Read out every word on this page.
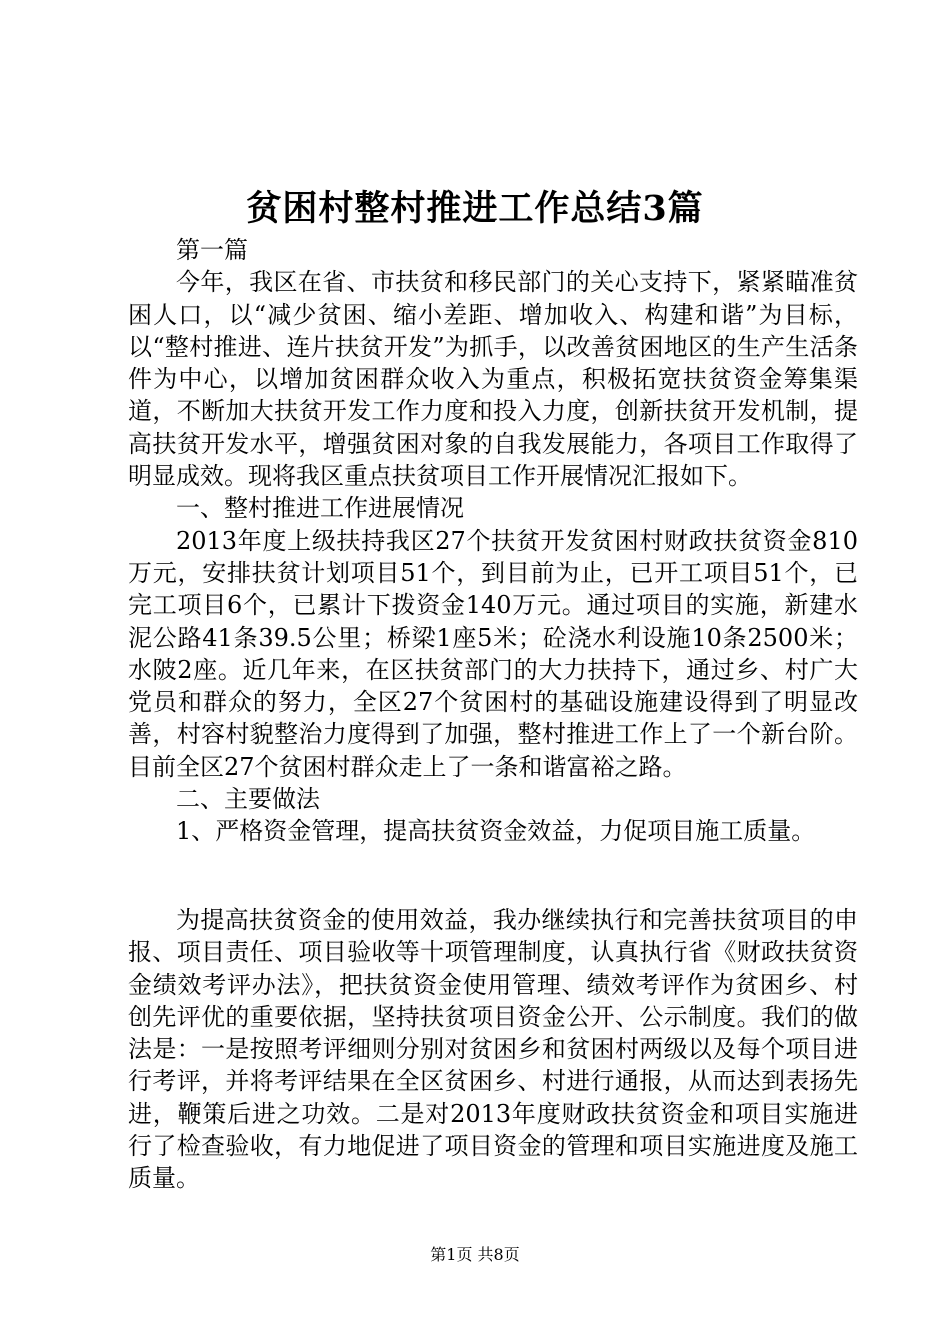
贫困村整村推进工作总结3篇

第一篇

今年，我区在省、市扶贫和移民部门的关心支持下，紧紧瞄准贫困人口，以“减少贫困、缩小差距、增加收入、构建和谐”为目标，以“整村推进、连片扶贫开发”为抓手，以改善贫困地区的生产生活条件为中心，以增加贫困群众收入为重点，积极拓宽扶贫资金筹集渠道，不断加大扶贫开发工作力度和投入力度，创新扶贫开发机制，提高扶贫开发水平，增强贫困对象的自我发展能力，各项目工作取得了明显成效。现将我区重点扶贫项目工作开展情况汇报如下。

一、整村推进工作进展情况

2013年度上级扶持我区27个扶贫开发贫困村财政扶贫资金810万元，安排扶贫计划项目51个，到目前为止，已开工项目51个，已完工项目6个，已累计下拨资金140万元。通过项目的实施，新建水泥公路41条39.5公里；桥梁1座5米；砼浇水利设施10条2500米；水陂2座。近几年来，在区扶贫部门的大力扶持下，通过乡、村广大党员和群众的努力，全区27个贫困村的基础设施建设得到了明显改善，村容村貌整治力度得到了加强，整村推进工作上了一个新台阶。目前全区27个贫困村群众走上了一条和谐富裕之路。

二、主要做法

1、严格资金管理，提高扶贫资金效益，力促项目施工质量。

为提高扶贫资金的使用效益，我办继续执行和完善扶贫项目的申报、项目责任、项目验收等十项管理制度，认真执行省《财政扶贫资金绩效考评办法》，把扶贫资金使用管理、绩效考评作为贫困乡、村创先评优的重要依据，坚持扶贫项目资金公开、公示制度。我们的做法是：一是按照考评细则分别对贫困乡和贫困村两级以及每个项目进行考评，并将考评结果在全区贫困乡、村进行通报，从而达到表扬先进，鞭策后进之功效。二是对2013年度财政扶贫资金和项目实施进行了检查验收，有力地促进了项目资金的管理和项目实施进度及施工质量。

第1页 共8页
